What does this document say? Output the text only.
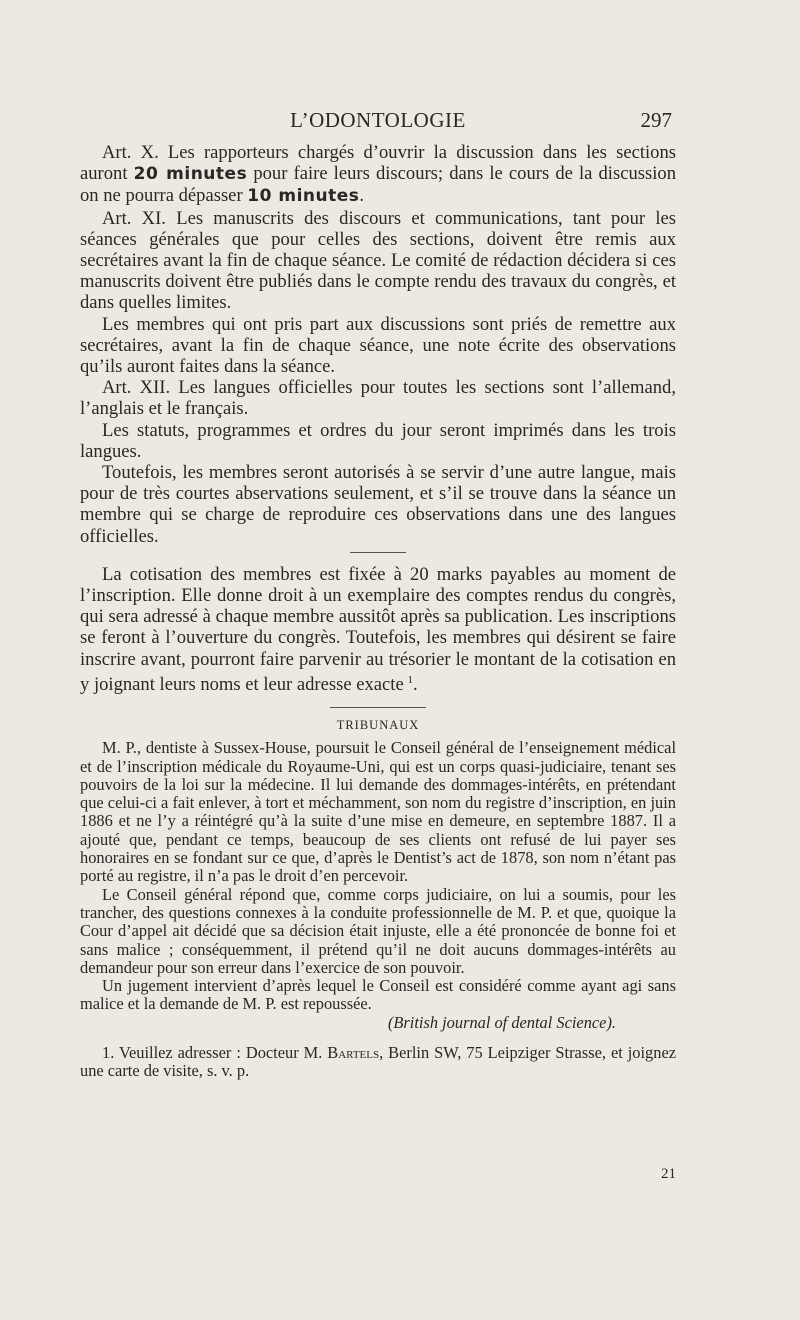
L’ODONTOLOGIE	297

Art. X. Les rapporteurs chargés d’ouvrir la discussion dans les sections auront 20 minutes pour faire leurs discours; dans le cours de la discussion on ne pourra dépasser 10 minutes.

Art. XI. Les manuscrits des discours et communications, tant pour les séances générales que pour celles des sections, doivent être remis aux secrétaires avant la fin de chaque séance. Le comité de rédaction décidera si ces manuscrits doivent être publiés dans le compte rendu des travaux du congrès, et dans quelles limites.

Les membres qui ont pris part aux discussions sont priés de remettre aux secrétaires, avant la fin de chaque séance, une note écrite des observations qu’ils auront faites dans la séance.

Art. XII. Les langues officielles pour toutes les sections sont l’allemand, l’anglais et le français.

Les statuts, programmes et ordres du jour seront imprimés dans les trois langues.

Toutefois, les membres seront autorisés à se servir d’une autre langue, mais pour de très courtes abservations seulement, et s’il se trouve dans la séance un membre qui se charge de reproduire ces observations dans une des langues officielles.

La cotisation des membres est fixée à 20 marks payables au moment de l’inscription. Elle donne droit à un exemplaire des comptes rendus du congrès, qui sera adressé à chaque membre aussitôt après sa publication. Les inscriptions se feront à l’ouverture du congrès. Toutefois, les membres qui désirent se faire inscrire avant, pourront faire parvenir au trésorier le montant de la cotisation en y joignant leurs noms et leur adresse exacte  $^1$.

TRIBUNAUX

M. P., dentiste à Sussex-House, poursuit le Conseil général de l’enseignement médical et de l’inscription médicale du Royaume-Uni, qui est un corps quasi-judiciaire, tenant ses pouvoirs de la loi sur la médecine. Il lui demande des dommages-intérêts, en prétendant que celui-ci a fait enlever, à tort et méchamment, son nom du registre d’inscription, en juin 1886 et ne l’y a réintégré qu’à la suite d’une mise en demeure, en septembre 1887. Il a ajouté que, pendant ce temps, beaucoup de ses clients ont refusé de lui payer ses honoraires en se fondant sur ce que, d’après le Dentist’s act de 1878, son nom n’étant pas porté au registre, il n’a pas le droit d’en percevoir.

Le Conseil général répond que, comme corps judiciaire, on lui a soumis, pour les trancher, des questions connexes à la conduite professionnelle de M. P. et que, quoique la Cour d’appel ait décidé que sa décision était injuste, elle a été prononcée de bonne foi et sans malice ; conséquemment, il prétend qu’il ne doit aucuns dommages-intérêts au demandeur pour son erreur dans l’exercice de son pouvoir.

Un jugement intervient d’après lequel le Conseil est considéré comme ayant agi sans malice et la demande de M. P. est repoussée.

(British journal of dental Science).

1. Veuillez adresser : Docteur M. Bartels, Berlin SW, 75 Leipziger Strasse, et joignez une carte de visite, s. v. p.

21
